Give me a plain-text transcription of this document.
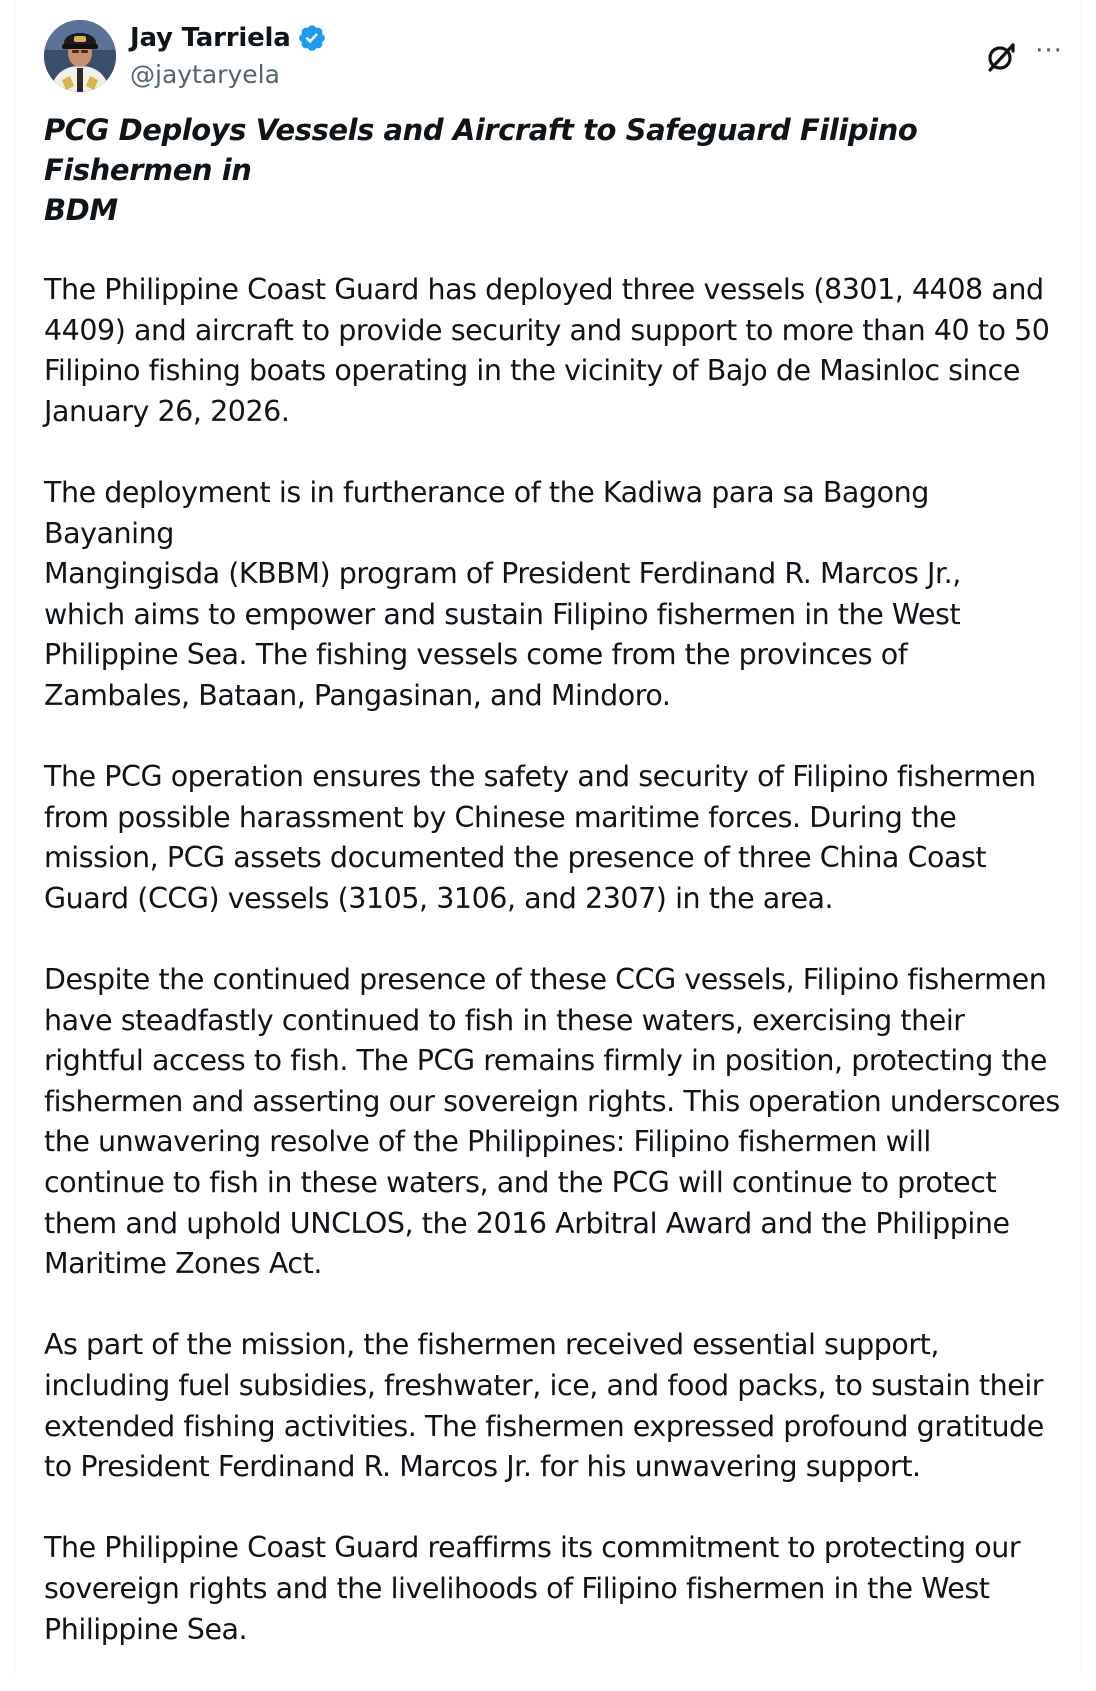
Jay Tarriela
@jaytaryela
···

PCG Deploys Vessels and Aircraft to Safeguard Filipino Fishermen in
BDM

The Philippine Coast Guard has deployed three vessels (8301, 4408 and
4409) and aircraft to provide security and support to more than 40 to 50
Filipino fishing boats operating in the vicinity of Bajo de Masinloc since
January 26, 2026.

The deployment is in furtherance of the Kadiwa para sa Bagong Bayaning
Mangingisda (KBBM) program of President Ferdinand R. Marcos Jr.,
which aims to empower and sustain Filipino fishermen in the West
Philippine Sea. The fishing vessels come from the provinces of
Zambales, Bataan, Pangasinan, and Mindoro.

The PCG operation ensures the safety and security of Filipino fishermen
from possible harassment by Chinese maritime forces. During the
mission, PCG assets documented the presence of three China Coast
Guard (CCG) vessels (3105, 3106, and 2307) in the area.

Despite the continued presence of these CCG vessels, Filipino fishermen
have steadfastly continued to fish in these waters, exercising their
rightful access to fish. The PCG remains firmly in position, protecting the
fishermen and asserting our sovereign rights. This operation underscores
the unwavering resolve of the Philippines: Filipino fishermen will
continue to fish in these waters, and the PCG will continue to protect
them and uphold UNCLOS, the 2016 Arbitral Award and the Philippine
Maritime Zones Act.

As part of the mission, the fishermen received essential support,
including fuel subsidies, freshwater, ice, and food packs, to sustain their
extended fishing activities. The fishermen expressed profound gratitude
to President Ferdinand R. Marcos Jr. for his unwavering support.

The Philippine Coast Guard reaffirms its commitment to protecting our
sovereign rights and the livelihoods of Filipino fishermen in the West
Philippine Sea.
